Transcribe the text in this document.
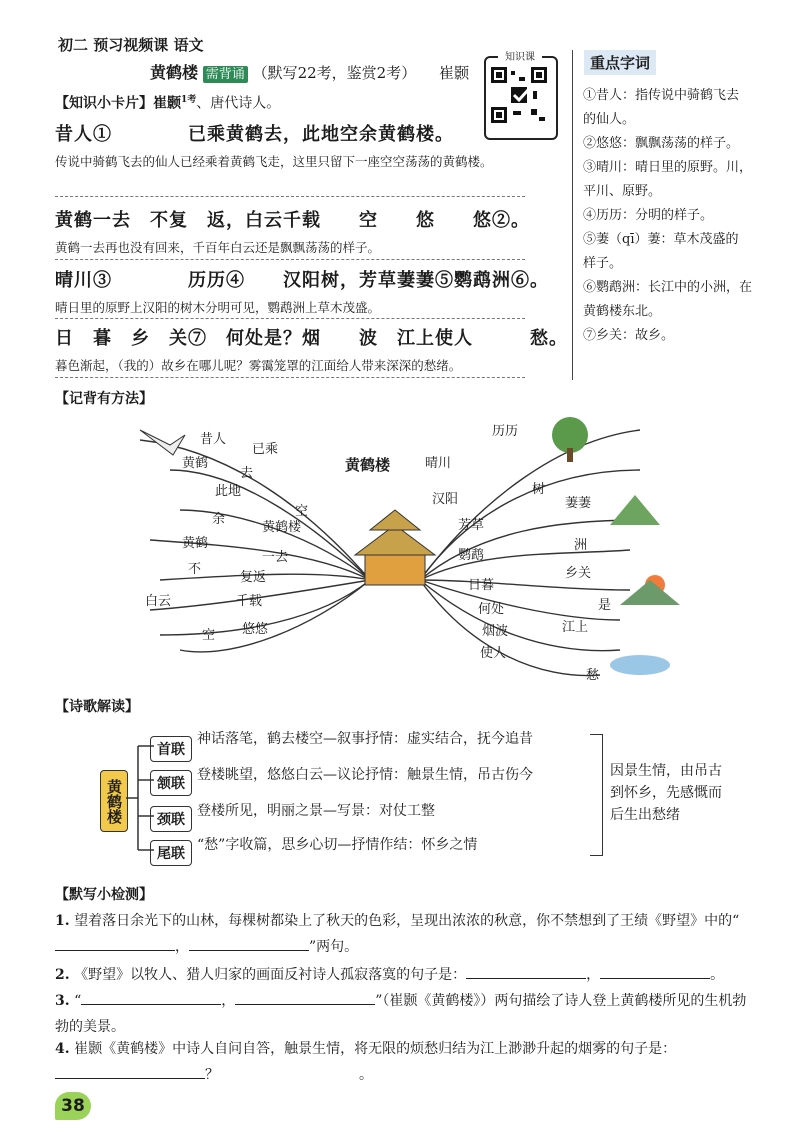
初二 预习视频课 语文
黄鹤楼 需背诵 （默写22考，鉴赏2考） 崔颢
知识课
【知识小卡片】崔颢$^{1考}$、唐代诗人。
昔人①　　　　已乘黄鹤去，此地空余黄鹤楼。
传说中骑鹤飞去的仙人已经乘着黄鹤飞走，这里只留下一座空空荡荡的黄鹤楼。
黄鹤一去　不复　返，白云千载　　空　　悠　　悠②。
黄鹤一去再也没有回来，千百年白云还是飘飘荡荡的样子。
晴川③　　　　历历④　　汉阳树，芳草萋萋⑤鹦鹉洲⑥。
晴日里的原野上汉阳的树木分明可见，鹦鹉洲上草木茂盛。
日　暮　乡　关⑦　何处是？烟　　波　江上使人　　　愁。
暮色渐起，（我的）故乡在哪儿呢？雾霭笼罩的江面给人带来深深的愁绪。
重点字词
①昔人：指传说中骑鹤飞去
的仙人。
②悠悠：飘飘荡荡的样子。
③晴川：晴日里的原野。川，
平川、原野。
④历历：分明的样子。
⑤萋（qī）萋：草木茂盛的
样子。
⑥鹦鹉洲：长江中的小洲，在
黄鹤楼东北。
⑦乡关：故乡。
【记背有方法】
黄鹤楼
昔人
已乘
黄鹤
去
此地
空
余
黄鹤楼
黄鹤
一去
不
复返
白云	千载
空 悠悠
晴川
历历
汉阳
树
芳草
萋萋
鹦鹉
洲
日暮
乡关
何处	是
烟波	江上
使人
愁
【诗歌解读】
黄鹤楼
首联
神话落笔，鹤去楼空—叙事抒情：虚实结合，抚今追昔
颔联
登楼眺望，悠悠白云—议论抒情：触景生情，吊古伤今
颈联
登楼所见，明丽之景—写景：对仗工整
尾联
“愁”字收篇，思乡心切—抒情作结：怀乡之情
因景生情，由吊古到怀乡，先感慨而后生出愁绪
【默写小检测】
1. 望着落日余光下的山林，每棵树都染上了秋天的色彩，呈现出浓浓的秋意，你不禁想到了王绩《野望》中的“，	”两句。
2. 《野望》以牧人、猎人归家的画面反衬诗人孤寂落寞的句子是：	，	。
3. “	，	”（崔颢《黄鹤楼》）两句描绘了诗人登上黄鹤楼所见的生机勃勃的美景。
4. 崔颢《黄鹤楼》中诗人自问自答，触景生情，将无限的烦愁归结为江上渺渺升起的烟雾的句子是：
？　　　　　　　　　　。
38
